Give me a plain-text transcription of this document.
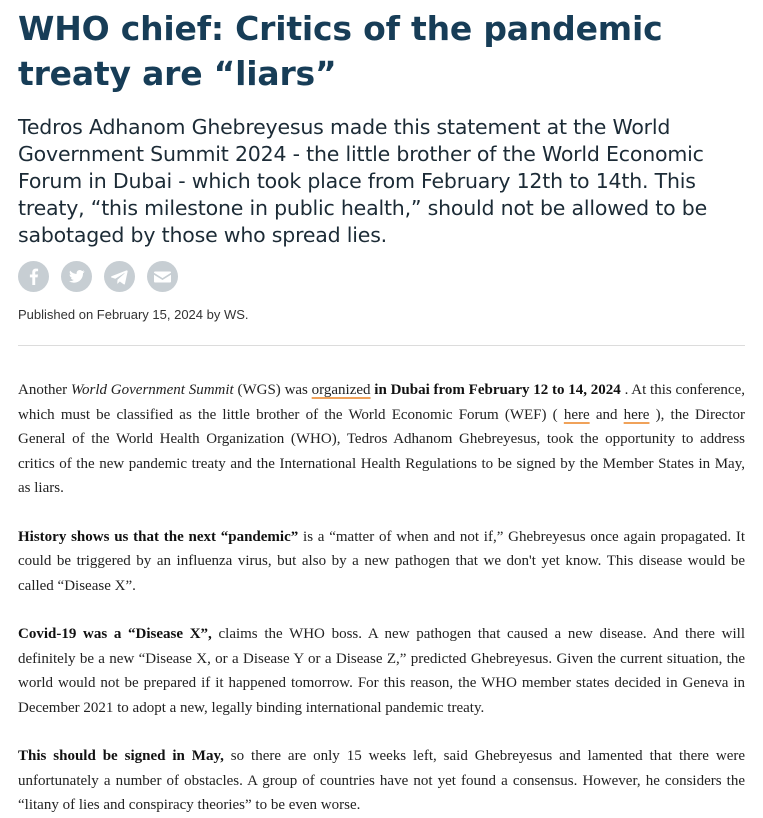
WHO chief: Critics of the pandemic treaty are “liars”

Tedros Adhanom Ghebreyesus made this statement at the World Government Summit 2024 - the little brother of the World Economic Forum in Dubai - which took place from February 12th to 14th. This treaty, “this milestone in public health,” should not be allowed to be sabotaged by those who spread lies.

Published on February 15, 2024 by WS.

Another World Government Summit (WGS) was organized in Dubai from February 12 to 14, 2024 . At this conference, which must be classified as the little brother of the World Economic Forum (WEF) ( here and here ), the Director General of the World Health Organization (WHO), Tedros Adhanom Ghebreyesus, took the opportunity to address critics of the new pandemic treaty and the International Health Regulations to be signed by the Member States in May, as liars.

History shows us that the next “pandemic” is a “matter of when and not if,” Ghebreyesus once again propagated. It could be triggered by an influenza virus, but also by a new pathogen that we don't yet know. This disease would be called “Disease X”.

Covid-19 was a “Disease X”, claims the WHO boss. A new pathogen that caused a new disease. And there will definitely be a new “Disease X, or a Disease Y or a Disease Z,” predicted Ghebreyesus. Given the current situation, the world would not be prepared if it happened tomorrow. For this reason, the WHO member states decided in Geneva in December 2021 to adopt a new, legally binding international pandemic treaty.

This should be signed in May, so there are only 15 weeks left, said Ghebreyesus and lamented that there were unfortunately a number of obstacles. A group of countries have not yet found a consensus. However, he considers the “litany of lies and conspiracy theories” to be even worse.
